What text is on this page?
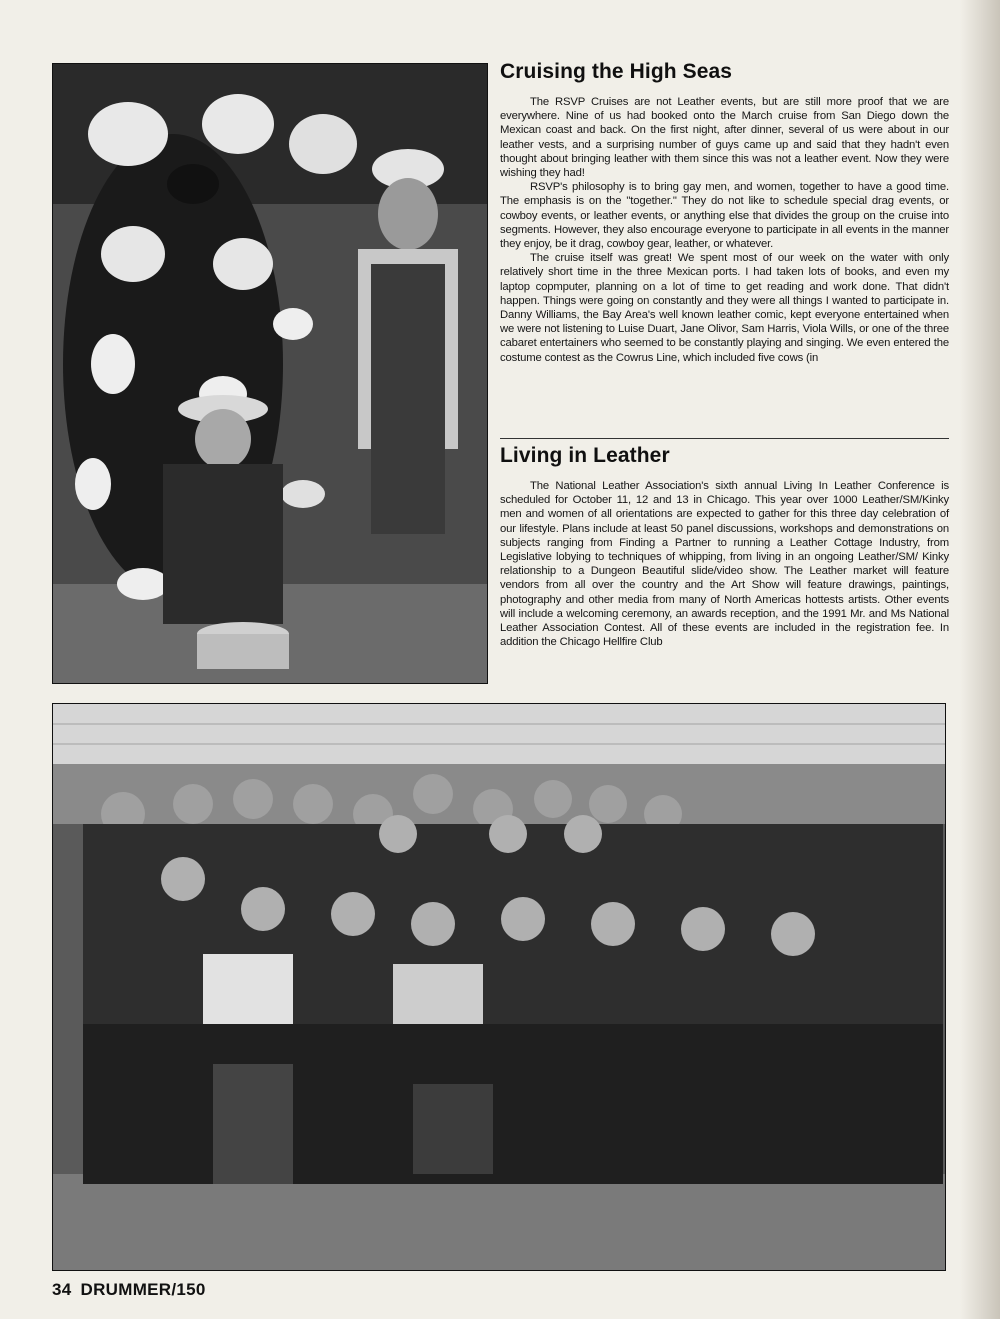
Cruising the High Seas

The RSVP Cruises are not Leather events, but are still more proof that we are everywhere. Nine of us had booked onto the March cruise from San Diego down the Mexican coast and back. On the first night, after dinner, several of us were about in our leather vests, and a surprising number of guys came up and said that they hadn't even thought about bringing leather with them since this was not a leather event. Now they were wishing they had!

RSVP's philosophy is to bring gay men, and women, together to have a good time. The emphasis is on the "together." They do not like to schedule special drag events, or cowboy events, or leather events, or anything else that divides the group on the cruise into segments. However, they also encourage everyone to participate in all events in the manner they enjoy, be it drag, cowboy gear, leather, or whatever.

The cruise itself was great! We spent most of our week on the water with only relatively short time in the three Mexican ports. I had taken lots of books, and even my laptop copmputer, planning on a lot of time to get reading and work done. That didn't happen. Things were going on constantly and they were all things I wanted to participate in. Danny Williams, the Bay Area's well known leather comic, kept everyone entertained when we were not listening to Luise Duart, Jane Olivor, Sam Harris, Viola Wills, or one of the three cabaret entertainers who seemed to be constantly playing and singing. We even entered the costume contest as the Cowrus Line, which included five cows (in

Living in Leather

The National Leather Association's sixth annual Living In Leather Conference is scheduled for October 11, 12 and 13 in Chicago. This year over 1000 Leather/SM/Kinky men and women of all orientations are expected to gather for this three day celebration of our lifestyle. Plans include at least 50 panel discussions, workshops and demonstrations on subjects ranging from Finding a Partner to running a Leather Cottage Industry, from Legislative lobying to techniques of whipping, from living in an ongoing Leather/SM/ Kinky relationship to a Dungeon Beautiful slide/video show. The Leather market will feature vendors from all over the country and the Art Show will feature drawings, paintings, photography and other media from many of North Americas hottests artists. Other events will include a welcoming ceremony, an awards reception, and the 1991 Mr. and Ms National Leather Association Contest. All of these events are included in the registration fee. In addition the Chicago Hellfire Club

34 DRUMMER/150
